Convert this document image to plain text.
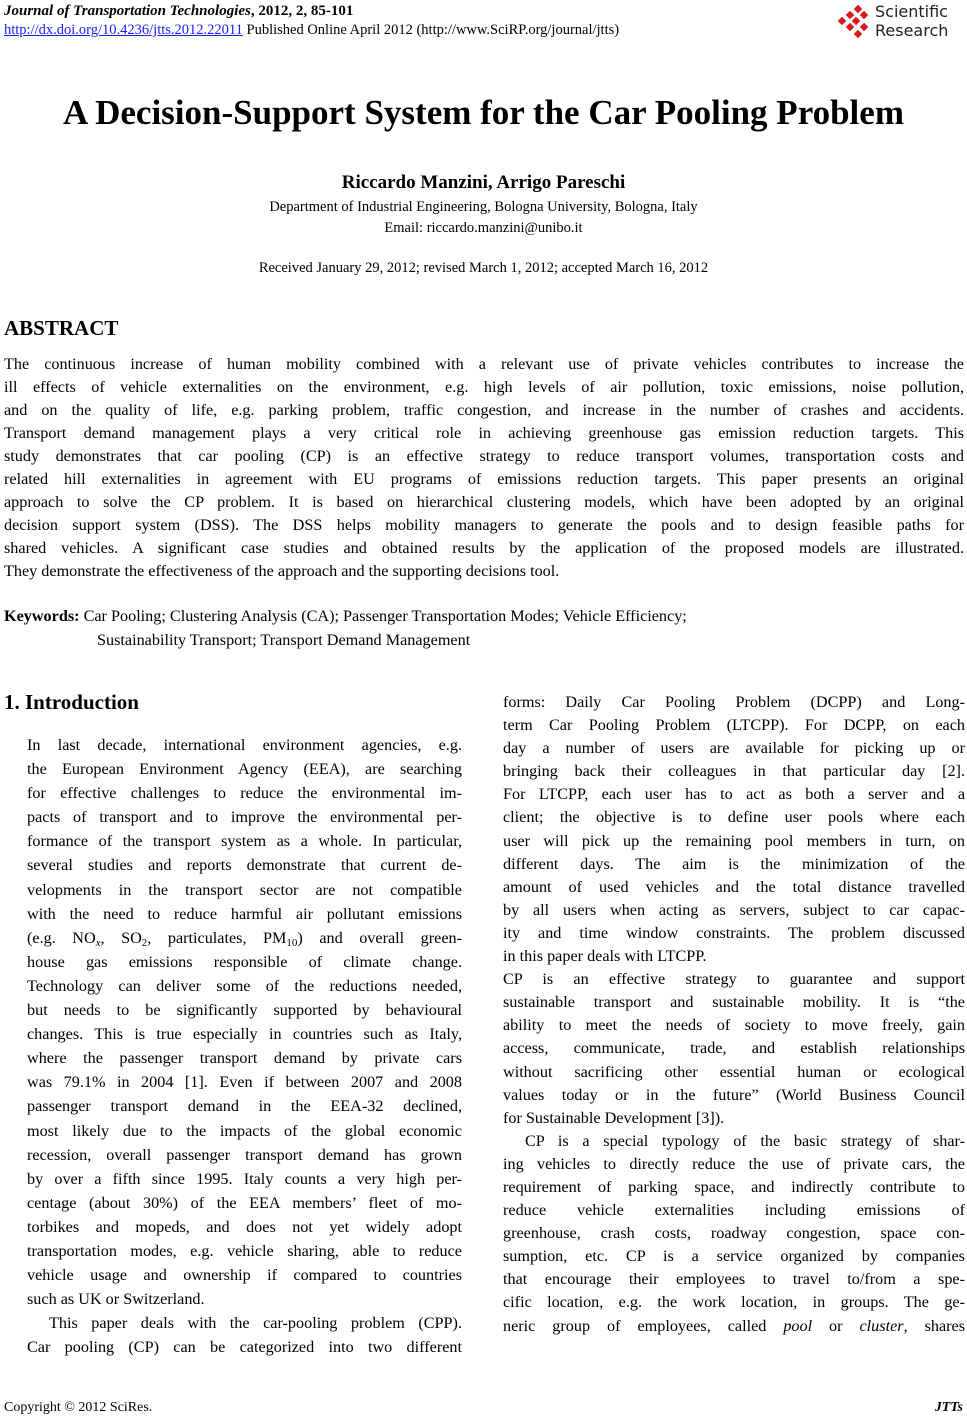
Journal of Transportation Technologies, 2012, 2, 85-101
http://dx.doi.org/10.4236/jtts.2012.22011 Published Online April 2012 (http://www.SciRP.org/journal/jtts)
Scientific
Research
A Decision-Support System for the Car Pooling Problem
Riccardo Manzini, Arrigo Pareschi
Department of Industrial Engineering, Bologna University, Bologna, Italy
Email: riccardo.manzini@unibo.it
Received January 29, 2012; revised March 1, 2012; accepted March 16, 2012
ABSTRACT
The continuous increase of human mobility combined with a relevant use of private vehicles contributes to increase the
ill effects of vehicle externalities on the environment, e.g. high levels of air pollution, toxic emissions, noise pollution,
and on the quality of life, e.g. parking problem, traffic congestion, and increase in the number of crashes and accidents.
Transport demand management plays a very critical role in achieving greenhouse gas emission reduction targets. This
study demonstrates that car pooling (CP) is an effective strategy to reduce transport volumes, transportation costs and
related hill externalities in agreement with EU programs of emissions reduction targets. This paper presents an original
approach to solve the CP problem. It is based on hierarchical clustering models, which have been adopted by an original
decision support system (DSS). The DSS helps mobility managers to generate the pools and to design feasible paths for
shared vehicles. A significant case studies and obtained results by the application of the proposed models are illustrated.
They demonstrate the effectiveness of the approach and the supporting decisions tool.
Keywords: Car Pooling; Clustering Analysis (CA); Passenger Transportation Modes; Vehicle Efficiency;
Sustainability Transport; Transport Demand Management
1. Introduction
In last decade, international environment agencies, e.g.
the European Environment Agency (EEA), are searching
for effective challenges to reduce the environmental im-
pacts of transport and to improve the environmental per-
formance of the transport system as a whole. In particular,
several studies and reports demonstrate that current de-
velopments in the transport sector are not compatible
with the need to reduce harmful air pollutant emissions
(e.g. $NO_x$, $SO_2$, particulates, $PM_{10}$) and overall green-
house gas emissions responsible of climate change.
Technology can deliver some of the reductions needed,
but needs to be significantly supported by behavioural
changes. This is true especially in countries such as Italy,
where the passenger transport demand by private cars
was 79.1% in 2004 [1]. Even if between 2007 and 2008
passenger transport demand in the EEA-32 declined,
most likely due to the impacts of the global economic
recession, overall passenger transport demand has grown
by over a fifth since 1995. Italy counts a very high per-
centage (about 30%) of the EEA members’ fleet of mo-
torbikes and mopeds, and does not yet widely adopt
transportation modes, e.g. vehicle sharing, able to reduce
vehicle usage and ownership if compared to countries
such as UK or Switzerland.
This paper deals with the car-pooling problem (CPP).
Car pooling (CP) can be categorized into two different
forms: Daily Car Pooling Problem (DCPP) and Long-
term Car Pooling Problem (LTCPP). For DCPP, on each
day a number of users are available for picking up or
bringing back their colleagues in that particular day [2].
For LTCPP, each user has to act as both a server and a
client; the objective is to define user pools where each
user will pick up the remaining pool members in turn, on
different days. The aim is the minimization of the
amount of used vehicles and the total distance travelled
by all users when acting as servers, subject to car capac-
ity and time window constraints. The problem discussed
in this paper deals with LTCPP.
CP is an effective strategy to guarantee and support
sustainable transport and sustainable mobility. It is “the
ability to meet the needs of society to move freely, gain
access, communicate, trade, and establish relationships
without sacrificing other essential human or ecological
values today or in the future” (World Business Council
for Sustainable Development [3]).
CP is a special typology of the basic strategy of shar-
ing vehicles to directly reduce the use of private cars, the
requirement of parking space, and indirectly contribute to
reduce vehicle externalities including emissions of
greenhouse, crash costs, roadway congestion, space con-
sumption, etc. CP is a service organized by companies
that encourage their employees to travel to/from a spe-
cific location, e.g. the work location, in groups. The ge-
neric group of employees, called pool or cluster, shares
Copyright © 2012 SciRes.	JTTs
